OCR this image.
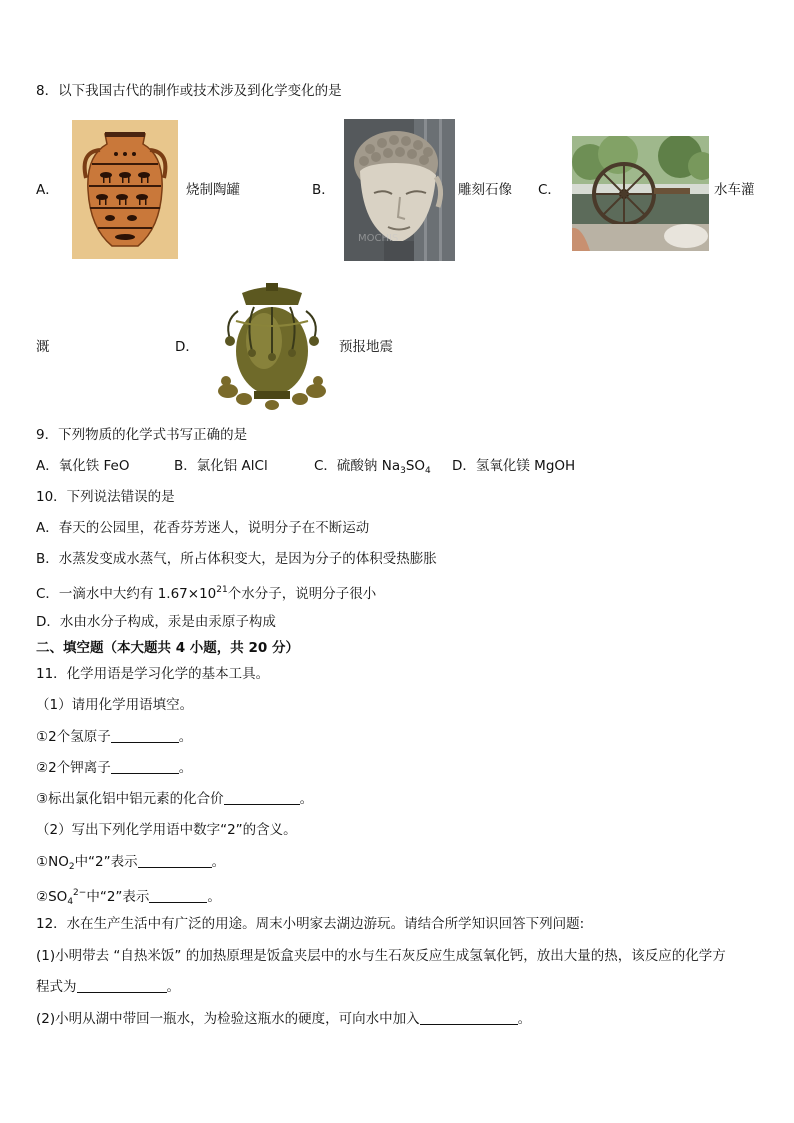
8．以下我国古代的制作或技术涉及到化学变化的是
A．	烧制陶罐	B．
MOCHIS
雕刻石像 C．	水车灌
溉	D．	预报地震
9．下列物质的化学式书写正确的是
A．氧化铁 FeO	B．氯化铝 AlCl	C．硫酸钠 $Na_3SO_4$ D．氢氧化镁 MgOH
10．下列说法错误的是
A．春天的公园里，花香芬芳迷人，说明分子在不断运动
B．水蒸发变成水蒸气，所占体积变大，是因为分子的体积受热膨胀
C．一滴水中大约有 $1.67\times 10^{21}$个水分子，说明分子很小
D．水由水分子构成，汞是由汞原子构成
二、填空题（本大题共 4 小题，共 20 分）
11．化学用语是学习化学的基本工具。
（1）请用化学用语填空。
①2个氢原子	。
②2个钾离子	。
③标出氯化铝中铝元素的化合价	。
（2）写出下列化学用语中数字“2”的含义。
$①NO_2$中“2”表示	。
$②SO_4^{2-}$中“2”表示	。
12．水在生产生活中有广泛的用途。周末小明家去湖边游玩。请结合所学知识回答下列问题:
(1)小明带去 “自热米饭” 的加热原理是饭盒夹层中的水与生石灰反应生成氢氧化钙，放出大量的热，该反应的化学方
程式为	。
(2)小明从湖中带回一瓶水，为检验这瓶水的硬度，可向水中加入	。
